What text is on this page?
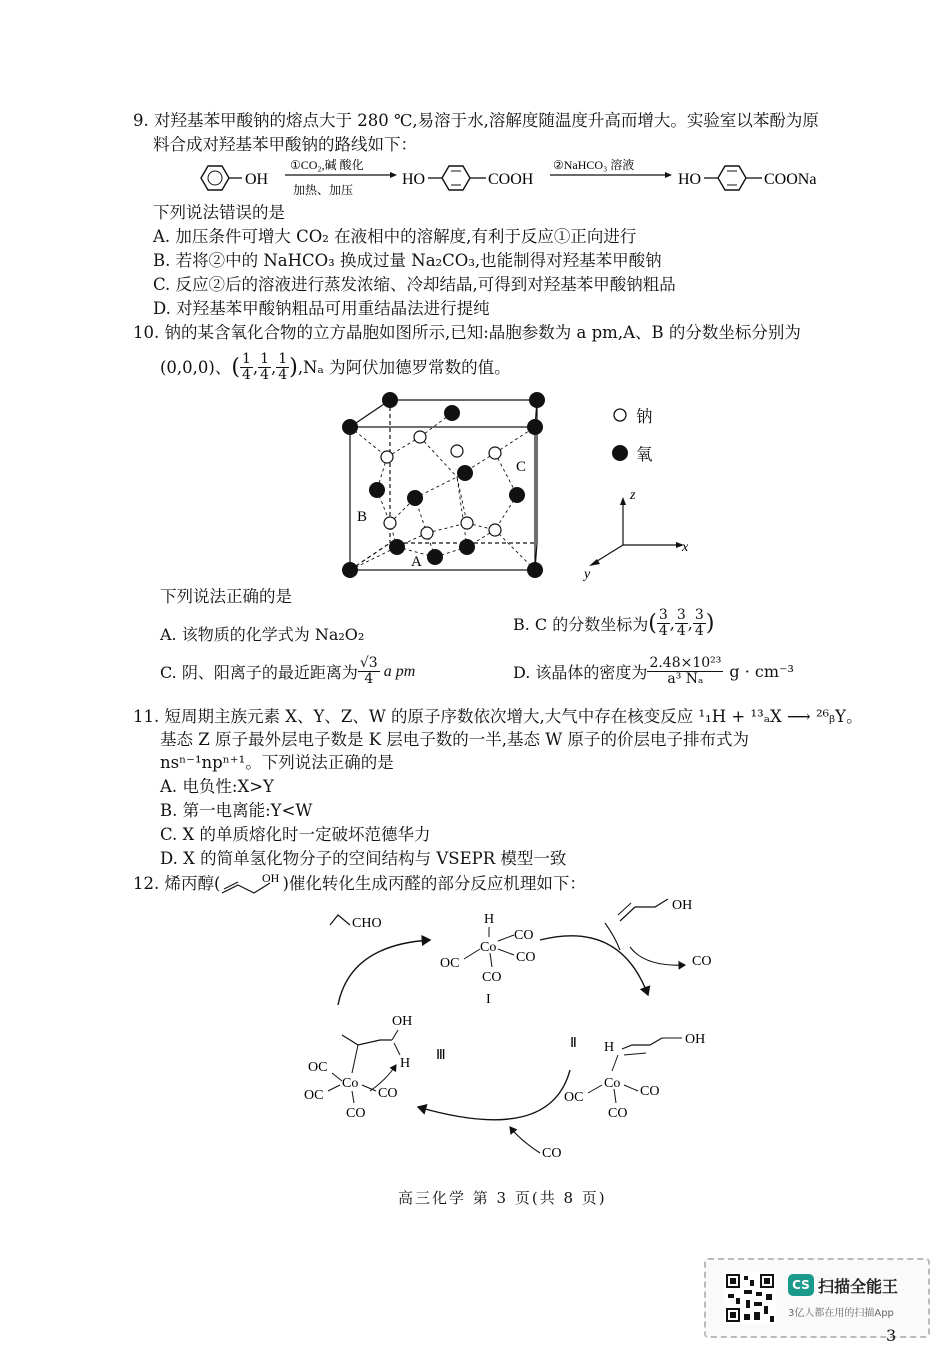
9. 对羟基苯甲酸钠的熔点大于 280 ℃,易溶于水,溶解度随温度升高而增大。实验室以苯酚为原
料合成对羟基苯甲酸钠的路线如下：
OH
①CO₂,碱 酸化
加热、加压
HO	COOH
②NaHCO₃ 溶液
HO	COONa
下列说法错误的是
A. 加压条件可增大 CO₂ 在液相中的溶解度,有利于反应①正向进行
B. 若将②中的 NaHCO₃ 换成过量 Na₂CO₃,也能制得对羟基苯甲酸钠
C. 反应②后的溶液进行蒸发浓缩、冷却结晶,可得到对羟基苯甲酸钠粗品
D. 对羟基苯甲酸钠粗品可用重结晶法进行提纯
10. 钠的某含氧化合物的立方晶胞如图所示,已知:晶胞参数为 a pm,A、B 的分数坐标分别为
(0,0,0)、 ( $\frac{1}{4}$ , $\frac{1}{4}$ , $\frac{1}{4}$ ) ,Nₐ 为阿伏加德罗常数的值。
B
A
C
钠
氧
z
x
y
下列说法正确的是
A. 该物质的化学式为 Na₂O₂
B. C 的分数坐标为 ( $\frac{3}{4}$ , $\frac{3}{4}$ , $\frac{3}{4}$ )
C. 阴、阳离子的最近距离为 $\frac{√3}{4}$ a pm	D. 该晶体的密度为 $\frac{\text{2.48×10²³}}{\text{a³ Nₐ}}$ g · cm⁻³
11. 短周期主族元素 X、Y、Z、W 的原子序数依次增大,大气中存在核变反应 ¹₁H + ¹³ₐX ⟶ ²⁶ᵦY。
基态 Z 原子最外层电子数是 K 层电子数的一半,基态 W 原子的价层电子排布式为
nsⁿ⁻¹npⁿ⁺¹。下列说法正确的是
A. 电负性:X>Y
B. 第一电离能:Y<W
C. X 的单质熔化时一定破坏范德华力
D. X 的简单氢化物分子的空间结构与 VSEPR 模型一致
12. 烯丙醇(	OH )催化转化生成丙醛的部分反应机理如下：
CHO	H
Co
CO
CO
OC
CO
I
OH
CO
Ⅱ H
OH
Co
OC	CO
CO
OH
H
Ⅲ
Co
OC
OC	CO
CO
CO
高三化学 第 3 页(共 8 页)
CS 扫描全能王
3亿人都在用的扫描App
3
